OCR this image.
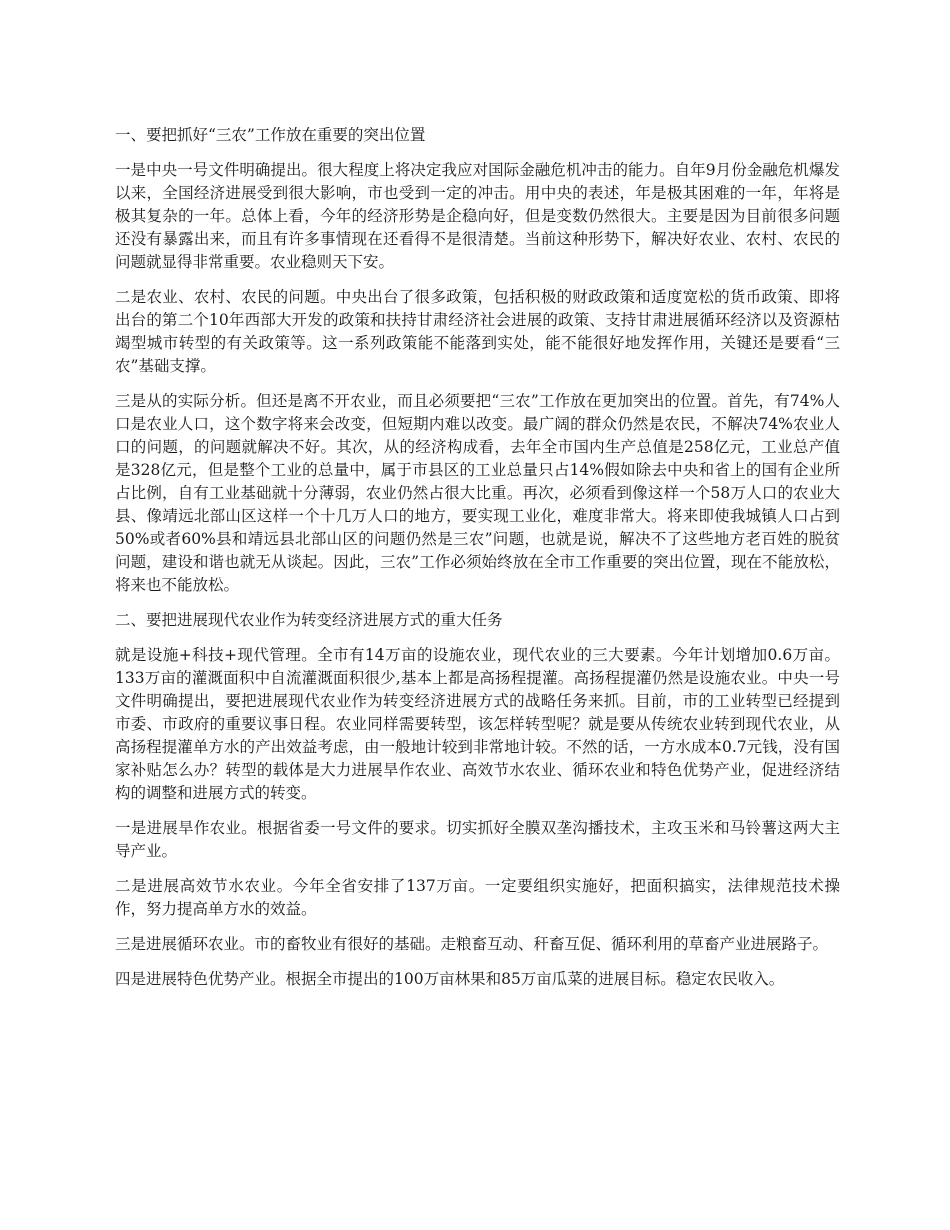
一、要把抓好“三农”工作放在重要的突出位置

一是中央一号文件明确提出。很大程度上将决定我应对国际金融危机冲击的能力。自年9月份金融危机爆发以来，全国经济进展受到很大影响，市也受到一定的冲击。用中央的表述，年是极其困难的一年，年将是极其复杂的一年。总体上看，今年的经济形势是企稳向好，但是变数仍然很大。主要是因为目前很多问题还没有暴露出来，而且有许多事情现在还看得不是很清楚。当前这种形势下，解决好农业、农村、农民的问题就显得非常重要。农业稳则天下安。

二是农业、农村、农民的问题。中央出台了很多政策，包括积极的财政政策和适度宽松的货币政策、即将出台的第二个10年西部大开发的政策和扶持甘肃经济社会进展的政策、支持甘肃进展循环经济以及资源枯竭型城市转型的有关政策等。这一系列政策能不能落到实处，能不能很好地发挥作用，关键还是要看“三农”基础支撑。

三是从的实际分析。但还是离不开农业，而且必须要把“三农”工作放在更加突出的位置。首先，有74%人口是农业人口，这个数字将来会改变，但短期内难以改变。最广阔的群众仍然是农民，不解决74%农业人口的问题，的问题就解决不好。其次，从的经济构成看，去年全市国内生产总值是258亿元，工业总产值是328亿元，但是整个工业的总量中，属于市县区的工业总量只占14%假如除去中央和省上的国有企业所占比例，自有工业基础就十分薄弱，农业仍然占很大比重。再次，必须看到像这样一个58万人口的农业大县、像靖远北部山区这样一个十几万人口的地方，要实现工业化，难度非常大。将来即使我城镇人口占到50%或者60%县和靖远县北部山区的问题仍然是三农”问题，也就是说，解决不了这些地方老百姓的脱贫问题，建设和谐也就无从谈起。因此，三农”工作必须始终放在全市工作重要的突出位置，现在不能放松，将来也不能放松。

二、要把进展现代农业作为转变经济进展方式的重大任务

就是设施+科技+现代管理。全市有14万亩的设施农业，现代农业的三大要素。今年计划增加0.6万亩。133万亩的灌溉面积中自流灌溉面积很少,基本上都是高扬程提灌。高扬程提灌仍然是设施农业。中央一号文件明确提出，要把进展现代农业作为转变经济进展方式的战略任务来抓。目前，市的工业转型已经提到市委、市政府的重要议事日程。农业同样需要转型，该怎样转型呢？就是要从传统农业转到现代农业，从高扬程提灌单方水的产出效益考虑，由一般地计较到非常地计较。不然的话，一方水成本0.7元钱，没有国家补贴怎么办？转型的载体是大力进展旱作农业、高效节水农业、循环农业和特色优势产业，促进经济结构的调整和进展方式的转变。

一是进展旱作农业。根据省委一号文件的要求。切实抓好全膜双垄沟播技术，主攻玉米和马铃薯这两大主导产业。

二是进展高效节水农业。今年全省安排了137万亩。一定要组织实施好，把面积搞实，法律规范技术操作，努力提高单方水的效益。

三是进展循环农业。市的畜牧业有很好的基础。走粮畜互动、秆畜互促、循环利用的草畜产业进展路子。

四是进展特色优势产业。根据全市提出的100万亩林果和85万亩瓜菜的进展目标。稳定农民收入。
